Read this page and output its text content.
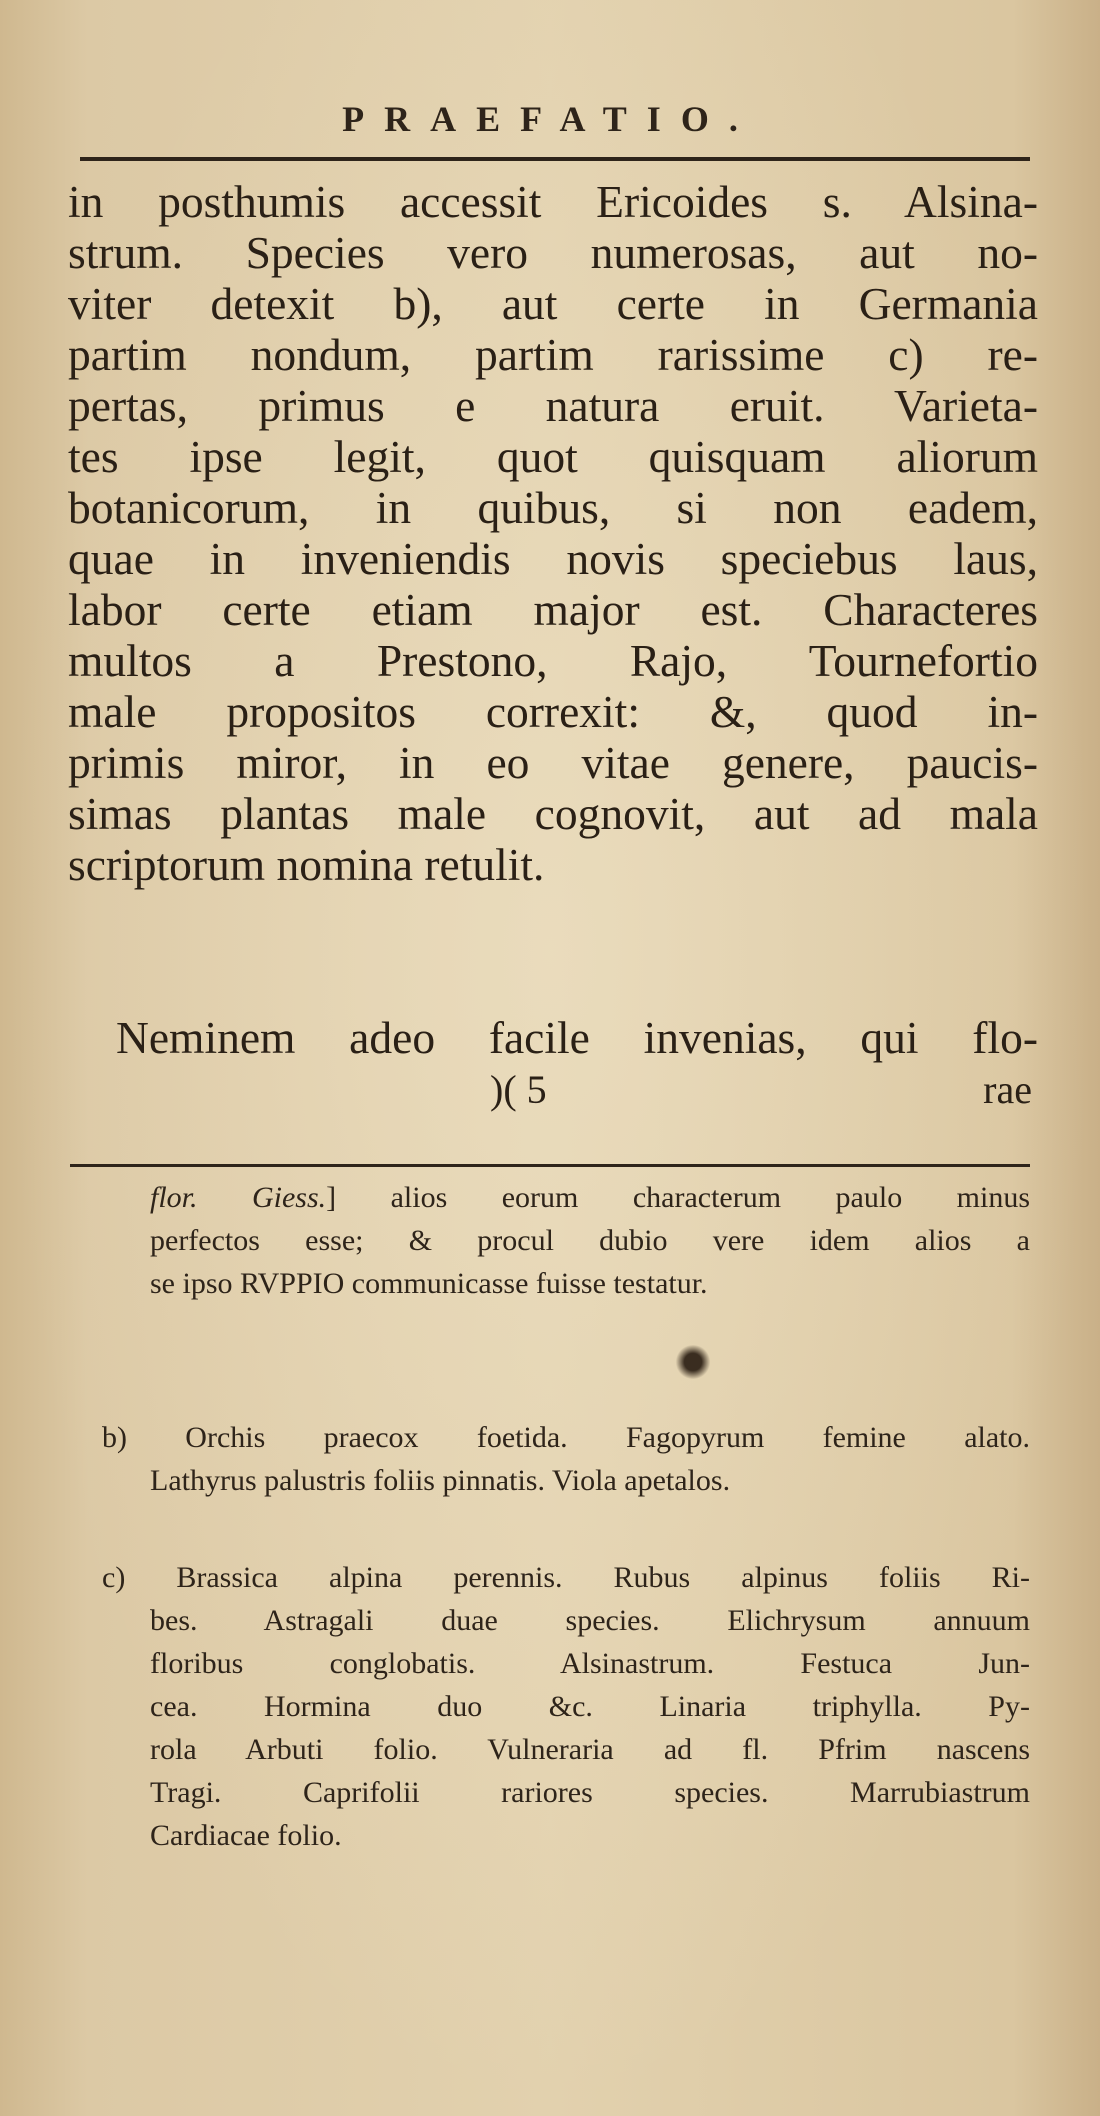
PRAEFATIO.
in posthumis accessit Ericoides s. Alsina-
strum. Species vero numerosas, aut no-
viter detexit b), aut certe in Germania
partim nondum, partim rarissime c) re-
pertas, primus e natura eruit. Varieta-
tes ipse legit, quot quisquam aliorum
botanicorum, in quibus, si non eadem,
quae in inveniendis novis speciebus laus,
labor certe etiam major est. Characteres
multos a Prestono, Rajo, Tournefortio
male propositos correxit: &, quod in-
primis miror, in eo vitae genere, paucis-
simas plantas male cognovit, aut ad mala
scriptorum nomina retulit.
Neminem adeo facile invenias, qui flo-
)( 5	rae
flor. Giess.] alios eorum characterum paulo minus
perfectos esse; & procul dubio vere idem alios a
se ipso RVPPIO communicasse fuisse testatur.
b) Orchis praecox foetida. Fagopyrum femine alato.
Lathyrus palustris foliis pinnatis. Viola apetalos.
c) Brassica alpina perennis. Rubus alpinus foliis Ri-
bes. Astragali duae species. Elichrysum annuum
floribus conglobatis. Alsinastrum. Festuca Jun-
cea. Hormina duo &c. Linaria triphylla. Py-
rola Arbuti folio. Vulneraria ad fl. Pfrim nascens
Tragi. Caprifolii rariores species. Marrubiastrum
Cardiacae folio.
